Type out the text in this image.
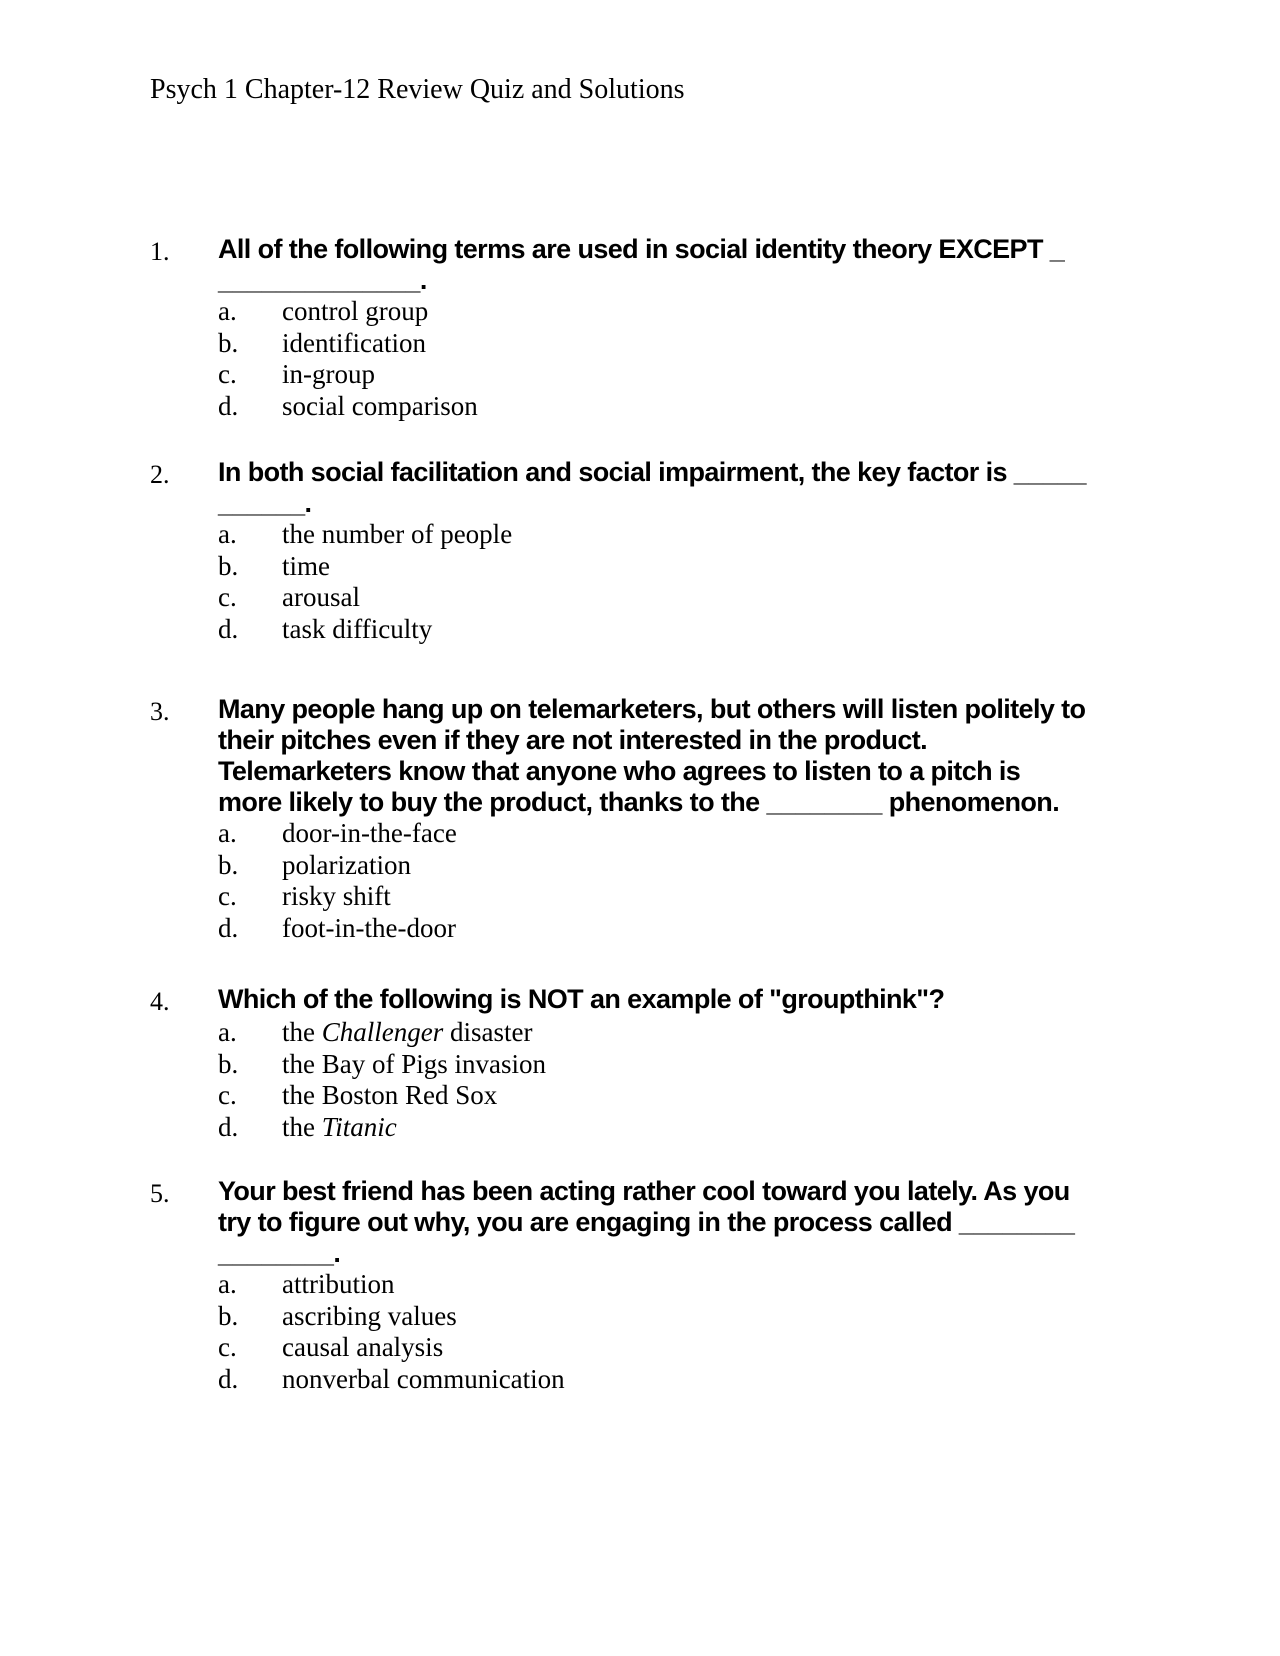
Psych 1 Chapter-12 Review Quiz and Solutions
1.	All of the following terms are used in social identity theory EXCEPT _
______________.
a.	control group
b.	identification
c.	in-group
d.	social comparison
2.	In both social facilitation and social impairment, the key factor is _____
______.
a.	the number of people
b.	time
c.	arousal
d.	task difficulty
3.	Many people hang up on telemarketers, but others will listen politely to
their pitches even if they are not interested in the product.
Telemarketers know that anyone who agrees to listen to a pitch is
more likely to buy the product, thanks to the ________ phenomenon.
a.	door-in-the-face
b.	polarization
c.	risky shift
d.	foot-in-the-door
4.	Which of the following is NOT an example of "groupthink"?
a.	the Challenger disaster
b.	the Bay of Pigs invasion
c.	the Boston Red Sox
d.	the Titanic
5.	Your best friend has been acting rather cool toward you lately. As you
try to figure out why, you are engaging in the process called ________
________.
a.	attribution
b.	ascribing values
c.	causal analysis
d.	nonverbal communication
